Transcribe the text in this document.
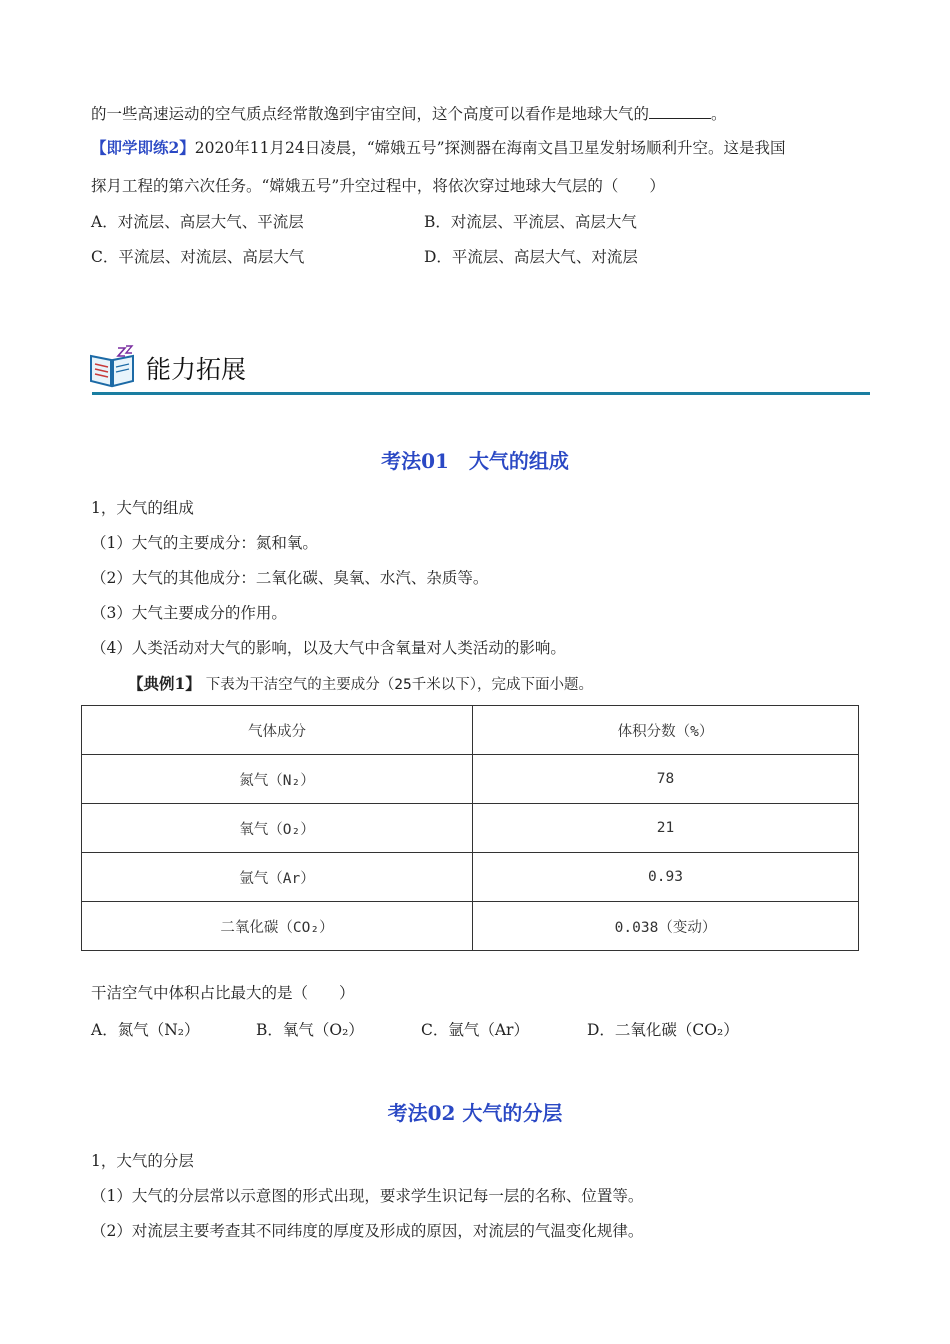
的一些高速运动的空气质点经常散逸到宇宙空间，这个高度可以看作是地球大气的	。
【即学即练2】2020年11月24日凌晨，“嫦娥五号”探测器在海南文昌卫星发射场顺利升空。这是我国
探月工程的第六次任务。“嫦娥五号”升空过程中，将依次穿过地球大气层的（　　）
A．对流层、高层大气、平流层	B．对流层、平流层、高层大气
C．平流层、对流层、高层大气	D．平流层、高层大气、对流层
能力拓展
考法01　大气的组成
1，大气的组成
（1）大气的主要成分：氮和氧。
（2）大气的其他成分：二氧化碳、臭氧、水汽、杂质等。
（3）大气主要成分的作用。
（4）人类活动对大气的影响，以及大气中含氧量对人类活动的影响。
【典例1】 下表为干洁空气的主要成分（25千米以下），完成下面小题。
气体成分	体积分数（%）
氮气（N₂）	78
氧气（O₂）	21
氩气（Ar）	0.93
二氧化碳（CO₂）	0.038（变动）
干洁空气中体积占比最大的是（　　）
A．氮气（N₂）	B．氧气（O₂）	C．氩气（Ar）	D．二氧化碳（CO₂）
考法02 大气的分层
1，大气的分层
（1）大气的分层常以示意图的形式出现，要求学生识记每一层的名称、位置等。
（2）对流层主要考查其不同纬度的厚度及形成的原因，对流层的气温变化规律。
